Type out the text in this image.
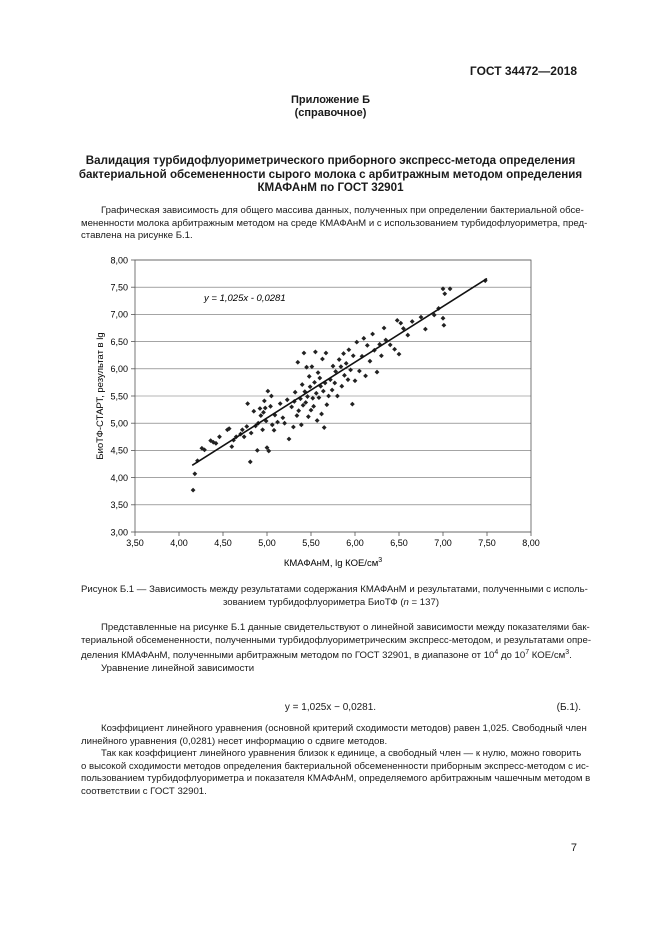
ГОСТ 34472—2018
Приложение Б
(справочное)
Валидация турбидофлуориметрического приборного экспресс-метода определения
бактериальной обсемененности сырого молока с арбитражным методом определения
КМАФАнМ по ГОСТ 32901
Графическая зависимость для общего массива данных, полученных при определении бактериальной обсе-
мененности молока арбитражным методом на среде КМАФАнМ и с использованием турбидофлуориметра, пред-
ставлена на рисунке Б.1.
3,50	4,00	4,50	5,00	5,50	6,00	6,50	7,00	7,50	8,00
3,00
3,50
4,00
4,50
5,00
5,50
6,00
6,50
7,00
7,50
8,00
y = 1,025x - 0,0281
КМАФАнМ, lg КОЕ/$см^3$
БиоТФ-СТАРТ, результат в lg
Рисунок Б.1 — Зависимость между результатами содержания КМАФАнМ и результатами, полученными с исполь-
зованием турбидофлуориметра БиоТФ (n = 137)
Представленные на рисунке Б.1 данные свидетельствуют о линейной зависимости между показателями бак-
териальной обсемененности, полученными турбидофлуориметрическим экспресс-методом, и результатами опре-
деления КМАФАнМ, полученными арбитражным методом по ГОСТ 32901, в диапазоне от $10^4$ до $10^7$ КОЕ/$см^3$.
Уравнение линейной зависимости
y = 1,025x − 0,0281.	(Б.1).
Коэффициент линейного уравнения (основной критерий сходимости методов) равен 1,025. Свободный член
линейного уравнения (0,0281) несет информацию о сдвиге методов.
Так как коэффициент линейного уравнения близок к единице, а свободный член — к нулю, можно говорить
о высокой сходимости методов определения бактериальной обсемененности приборным экспресс-методом с ис-
пользованием турбидофлуориметра и показателя КМАФАнМ, определяемого арбитражным чашечным методом в
соответствии с ГОСТ 32901.
7
